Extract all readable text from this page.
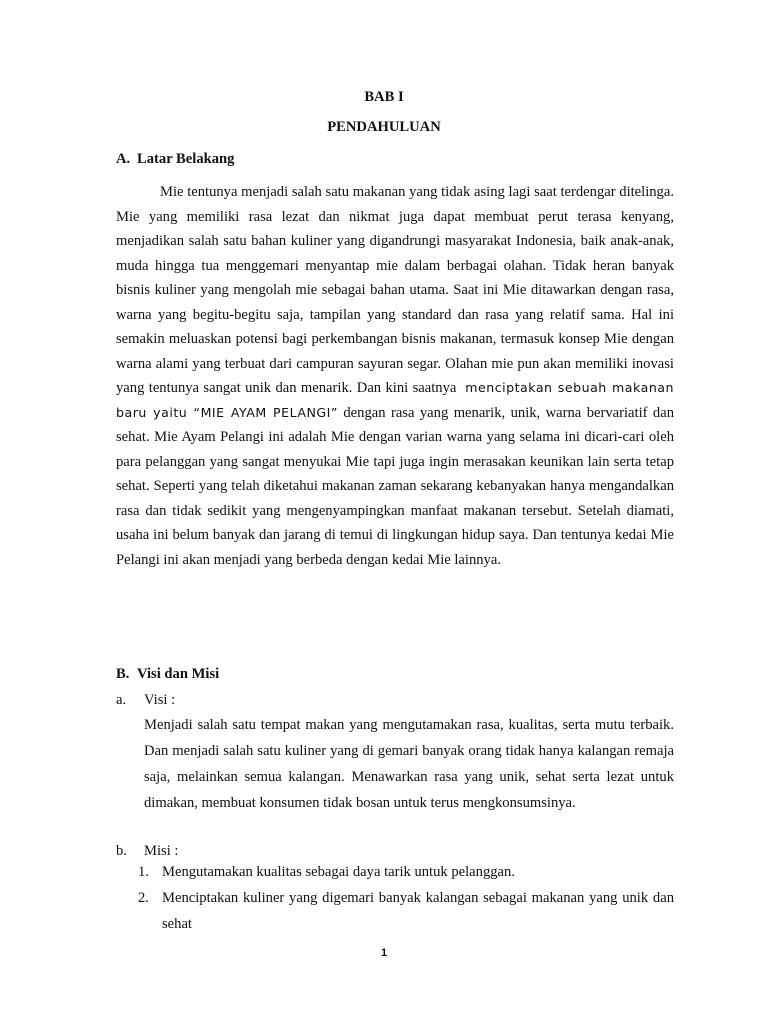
BAB I
PENDAHULUAN
A. Latar Belakang

Mie tentunya menjadi salah satu makanan yang tidak asing lagi saat terdengar ditelinga. Mie yang memiliki rasa lezat dan nikmat juga dapat membuat perut terasa kenyang, menjadikan salah satu bahan kuliner yang digandrungi masyarakat Indonesia, baik anak-anak, muda hingga tua menggemari menyantap mie dalam berbagai olahan. Tidak heran banyak bisnis kuliner yang mengolah mie sebagai bahan utama. Saat ini Mie ditawarkan dengan rasa, warna yang begitu-begitu saja, tampilan yang standard dan rasa yang relatif sama. Hal ini semakin meluaskan potensi bagi perkembangan bisnis makanan, termasuk konsep Mie dengan warna alami yang terbuat dari campuran sayuran segar. Olahan mie pun akan memiliki inovasi yang tentunya sangat unik dan menarik. Dan kini saatnya menciptakan sebuah makanan baru yaitu “MIE AYAM PELANGI” dengan rasa yang menarik, unik, warna bervariatif dan sehat. Mie Ayam Pelangi ini adalah Mie dengan varian warna yang selama ini dicari-cari oleh para pelanggan yang sangat menyukai Mie tapi juga ingin merasakan keunikan lain serta tetap sehat. Seperti yang telah diketahui makanan zaman sekarang kebanyakan hanya mengandalkan rasa dan tidak sedikit yang mengenyampingkan manfaat makanan tersebut. Setelah diamati, usaha ini belum banyak dan jarang di temui di lingkungan hidup saya. Dan tentunya kedai Mie Pelangi ini akan menjadi yang berbeda dengan kedai Mie lainnya.

B. Visi dan Misi
a. Visi :

Menjadi salah satu tempat makan yang mengutamakan rasa, kualitas, serta mutu terbaik. Dan menjadi salah satu kuliner yang di gemari banyak orang tidak hanya kalangan remaja saja, melainkan semua kalangan. Menawarkan rasa yang unik, sehat serta lezat untuk dimakan, membuat konsumen tidak bosan untuk terus mengkonsumsinya.

b. Misi :
1. Mengutamakan kualitas sebagai daya tarik untuk pelanggan.
2. Menciptakan kuliner yang digemari banyak kalangan sebagai makanan yang unik dan sehat
1
